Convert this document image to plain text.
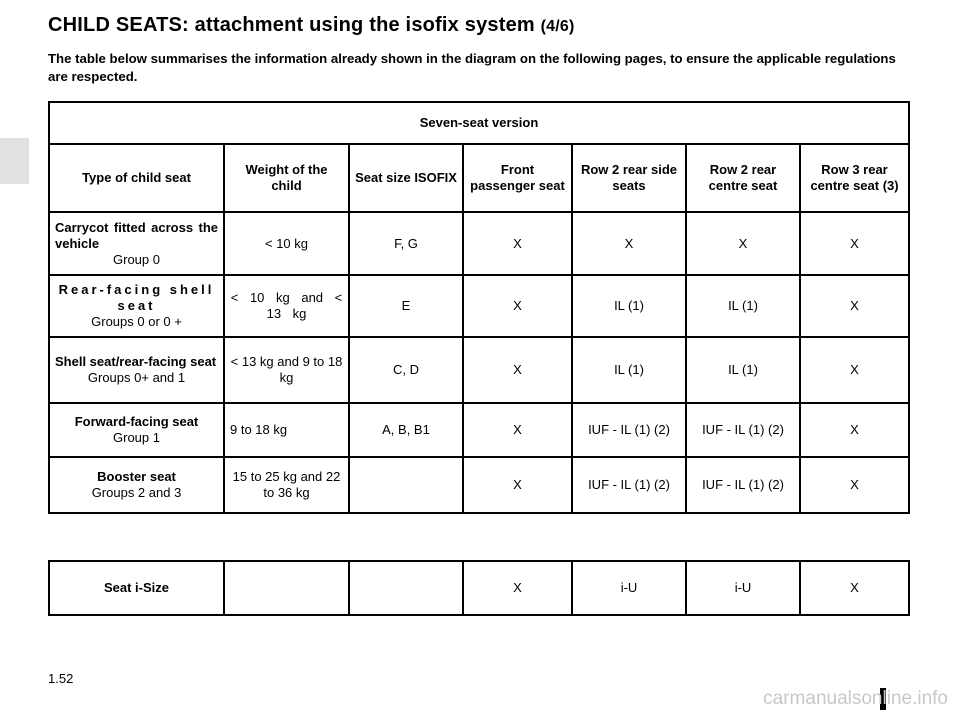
CHILD SEATS: attachment using the isofix system (4/6)
The table below summarises the information already shown in the diagram on the following pages, to ensure the applicable regulations are respected.
Seven-seat version						
Type of child seat	Weight of the child	Seat size ISOFIX	Front passenger seat	Row 2 rear side seats	Row 2 rear centre seat	Row 3 rear centre seat (3)

Carrycot fitted across the vehicle
Group 0	< 10 kg	F, G	X	X	X	X

Rear-facing shell seat
Groups 0 or 0 +	< 10 kg and < 13 kg	E	X	IL (1)	IL (1)	X

Shell seat/rear-facing seat
Groups 0+ and 1	< 13 kg and 9 to 18 kg	C, D	X	IL (1)	IL (1)	X

Forward-facing seat
Group 1	9 to 18 kg	A, B, B1	X	IUF - IL (1) (2)	IUF - IL (1) (2)	X

Booster seat
Groups 2 and 3	15 to 25 kg and 22 to 36 kg		X	IUF - IL (1) (2)	IUF - IL (1) (2)	X
Seat i-Size			X	i-U	i-U	X
1.52
carmanualsonline.info
